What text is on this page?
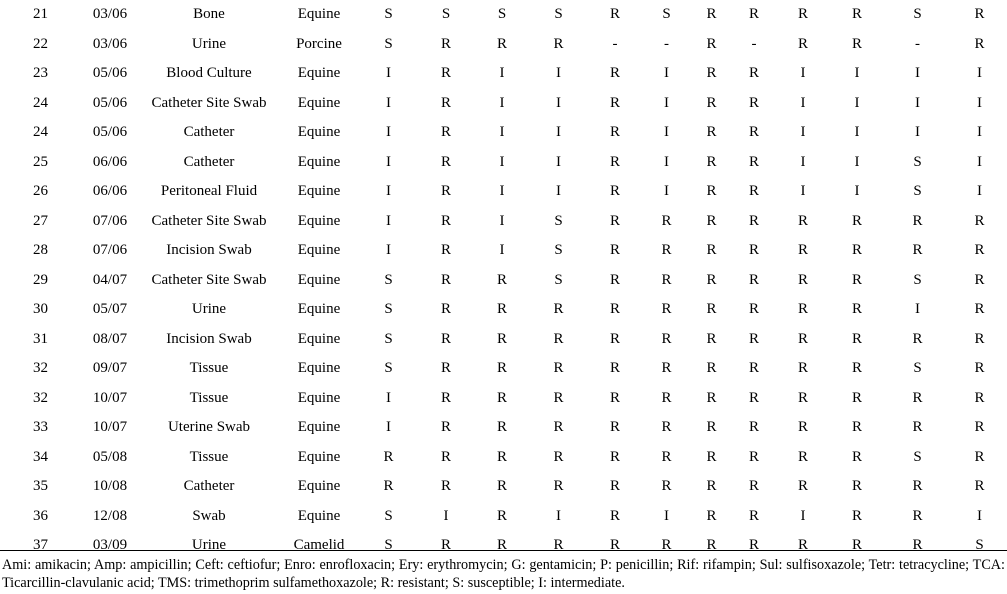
21	03/06	Bone	Equine	S	S	S	S	R	S	R	R	R	R	S	R
22	03/06	Urine	Porcine	S	R	R	R	-	-	R	-	R	R	-	R
23	05/06	Blood Culture	Equine	I	R	I	I	R	I	R	R	I	I	I	I
24	05/06	Catheter Site Swab	Equine	I	R	I	I	R	I	R	R	I	I	I	I
24	05/06	Catheter	Equine	I	R	I	I	R	I	R	R	I	I	I	I
25	06/06	Catheter	Equine	I	R	I	I	R	I	R	R	I	I	S	I
26	06/06	Peritoneal Fluid	Equine	I	R	I	I	R	I	R	R	I	I	S	I
27	07/06	Catheter Site Swab	Equine	I	R	I	S	R	R	R	R	R	R	R	R
28	07/06	Incision Swab	Equine	I	R	I	S	R	R	R	R	R	R	R	R
29	04/07	Catheter Site Swab	Equine	S	R	R	S	R	R	R	R	R	R	S	R
30	05/07	Urine	Equine	S	R	R	R	R	R	R	R	R	R	I	R
31	08/07	Incision Swab	Equine	S	R	R	R	R	R	R	R	R	R	R	R
32	09/07	Tissue	Equine	S	R	R	R	R	R	R	R	R	R	S	R
32	10/07	Tissue	Equine	I	R	R	R	R	R	R	R	R	R	R	R
33	10/07	Uterine Swab	Equine	I	R	R	R	R	R	R	R	R	R	R	R
34	05/08	Tissue	Equine	R	R	R	R	R	R	R	R	R	R	S	R
35	10/08	Catheter	Equine	R	R	R	R	R	R	R	R	R	R	R	R
36	12/08	Swab	Equine	S	I	R	I	R	I	R	R	I	R	R	I
37	03/09	Urine	Camelid	S	R	R	R	R	R	R	R	R	R	R	S
Ami: amikacin; Amp: ampicillin; Ceft: ceftiofur; Enro: enrofloxacin; Ery: erythromycin; G: gentamicin; P: penicillin; Rif: rifampin; Sul: sulfisoxazole; Tetr: tetracycline; TCA: Ticarcillin-clavulanic acid; TMS: trimethoprim sulfamethoxazole; R: resistant; S: susceptible; I: intermediate.
